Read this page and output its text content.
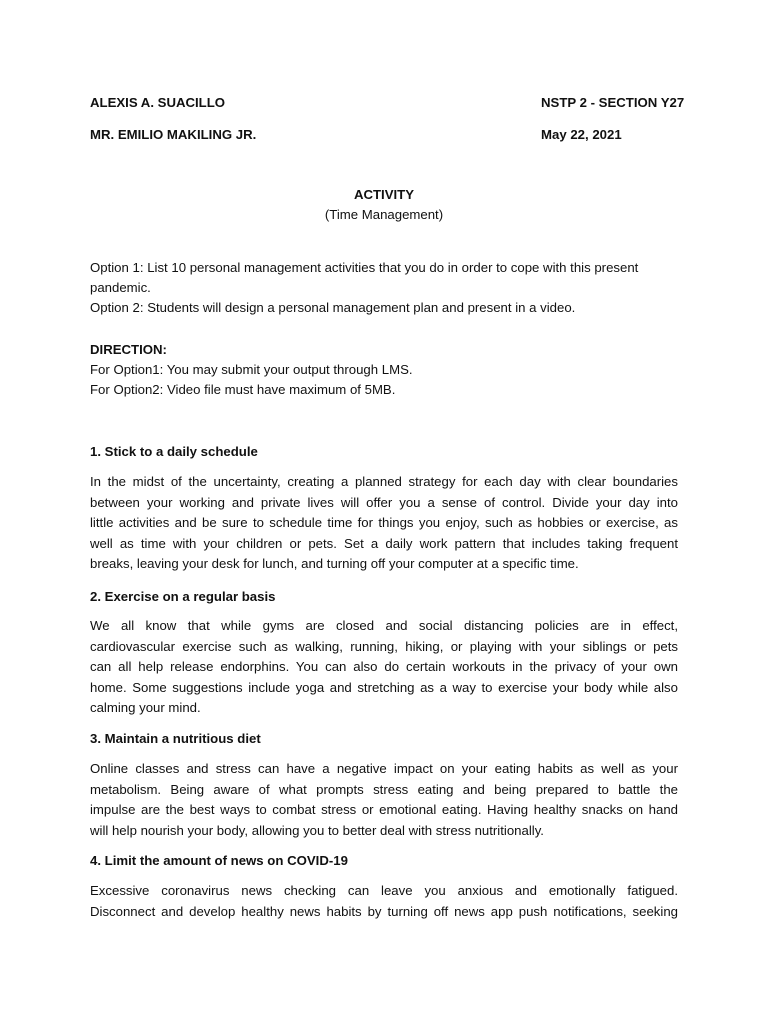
ALEXIS A. SUACILLO	NSTP 2 - SECTION Y27
MR. EMILIO MAKILING JR.	May 22, 2021
ACTIVITY
(Time Management)
Option 1: List 10 personal management activities that you do in order to cope with this present
pandemic.
Option 2: Students will design a personal management plan and present in a video.
DIRECTION:
For Option1: You may submit your output through LMS.
For Option2: Video file must have maximum of 5MB.
1. Stick to a daily schedule
In the midst of the uncertainty, creating a planned strategy for each day with clear boundaries
between your working and private lives will offer you a sense of control. Divide your day into
little activities and be sure to schedule time for things you enjoy, such as hobbies or exercise, as
well as time with your children or pets. Set a daily work pattern that includes taking frequent
breaks, leaving your desk for lunch, and turning off your computer at a specific time.
2. Exercise on a regular basis
We all know that while gyms are closed and social distancing policies are in effect,
cardiovascular exercise such as walking, running, hiking, or playing with your siblings or pets
can all help release endorphins. You can also do certain workouts in the privacy of your own
home. Some suggestions include yoga and stretching as a way to exercise your body while also
calming your mind.
3. Maintain a nutritious diet
Online classes and stress can have a negative impact on your eating habits as well as your
metabolism. Being aware of what prompts stress eating and being prepared to battle the
impulse are the best ways to combat stress or emotional eating. Having healthy snacks on hand
will help nourish your body, allowing you to better deal with stress nutritionally.
4. Limit the amount of news on COVID-19
Excessive coronavirus news checking can leave you anxious and emotionally fatigued.
Disconnect and develop healthy news habits by turning off news app push notifications, seeking
